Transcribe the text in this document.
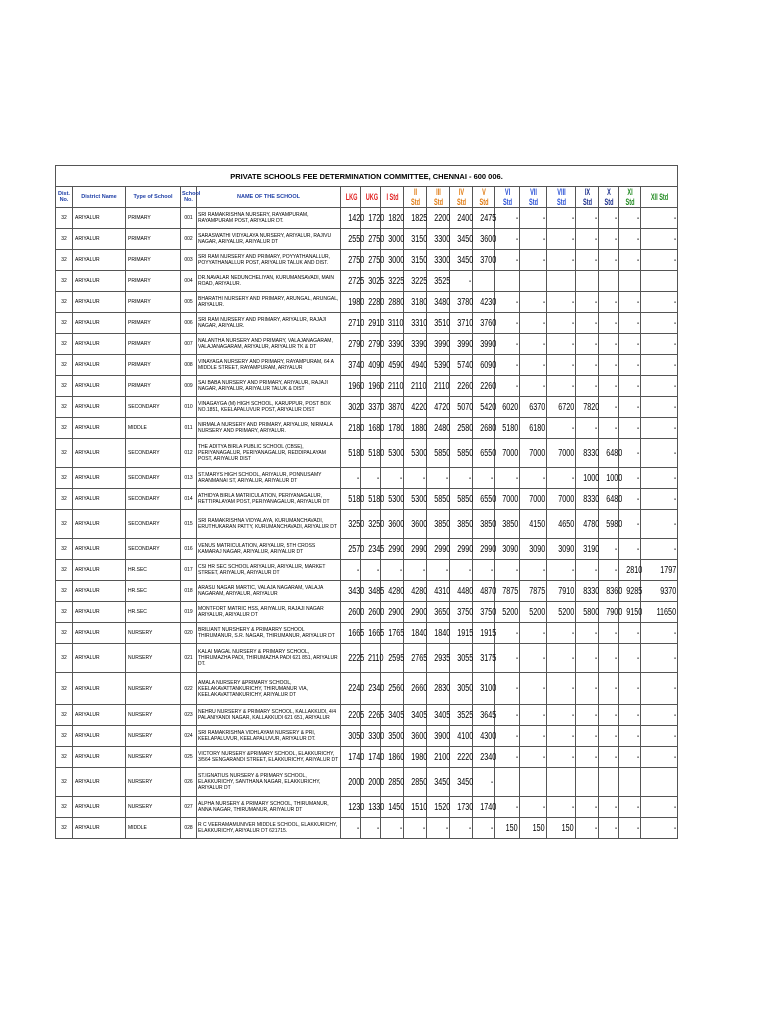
PRIVATE SCHOOLS FEE DETERMINATION COMMITTEE, CHENNAI - 600 006.																		
Dist. No.	District Name	Type of School	School No.	NAME OF THE SCHOOL	LKG	UKG	I Std	II Std	III Std	IV Std	V Std	VI Std	VII Std	VIII Std	IX Std	X Std	XI Std	XII Std
32	ARIYALUR	PRIMARY	001	SRI RAMAKRISHNA NURSERY, RAYAMPURAM, RAYAMPURAM POST, ARIYALUR DT.	1420	1720	1820	1825	2200	2400	2475	-	-	-	-	-	-	-
32	ARIYALUR	PRIMARY	002	SARASWATHI VIDYALAYA NURSERY, ARIYALUR, RAJIVU NAGAR, ARIYALUR, ARIYALUR DT	2550	2750	3000	3150	3300	3450	3600	-	-	-	-	-	-	-
32	ARIYALUR	PRIMARY	003	SRI RAM NURSERY AND PRIMARY, POYYATHANALLUR, POYYATHANALLUR POST, ARIYALUR TALUK AND DIST.	2750	2750	3000	3150	3300	3450	3700	-	-	-	-	-	-	-
32	ARIYALUR	PRIMARY	004	DR.NAVALAR NEDUNCHELIYAN, KURUMANSAVADI, MAIN ROAD, ARIYALUR.	2725	3025	3225	3225	3525	-								
32	ARIYALUR	PRIMARY	005	BHARATHI NURSERY AND PRIMARY, ARUNGAL, ARUNGAL, ARIYALUR.	1980	2280	2880	3180	3480	3780	4230	-	-	-	-	-	-	-
32	ARIYALUR	PRIMARY	006	SRI RAM NURSERY AND PRIMARY, ARIYALUR, RAJAJI NAGAR, ARIYALUR.	2710	2910	3110	3310	3510	3710	3760	-	-	-	-	-	-	-
32	ARIYALUR	PRIMARY	007	NALANTHA NURSERY AND PRIMARY, VALAJANAGARAM, VALAJANAGARAM, ARIYALUR, ARIYALUR TK & DT	2790	2790	3390	3390	3990	3990	3990	-	-	-	-	-	-	-
32	ARIYALUR	PRIMARY	008	VINAYAGA NURSERY AND PRIMARY, RAYAMPURAM, 64 A MIDDLE STREET, RAYAMPURAM, ARIYALUR	3740	4090	4590	4940	5390	5740	6090	-	-	-	-	-	-	-
32	ARIYALUR	PRIMARY	009	SAI BABA NURSERY AND PRIMARY, ARIYALUR, RAJAJI NAGAR, ARIYALUR, ARIYALUR TALUK & DIST	1960	1960	2110	2110	2110	2260	2260	-	-	-	-	-	-	-
32	ARIYALUR	SECONDARY	010	VINAGAYGA (M) HIGH SCHOOL, KARUPPUR, POST BOX NO.1851, KEELAPALUVUR POST, ARIYALUR DIST	3020	3370	3870	4220	4720	5070	5420	6020	6370	6720	7820	-	-	-
32	ARIYALUR	MIDDLE	011	NIRMALA NURSERY AND PRIMARY, ARIYALUR, NIRMALA NURSERY AND PRIMARY, ARIYALUR.	2180	1680	1780	1880	2480	2580	2680	5180	6180	-	-	-	-	-
32	ARIYALUR	SECONDARY	012	THE ADITYA BIRLA PUBLIC SCHOOL (CBSE), PERIYANAGALUR, PERIYANAGALUR, REDDIPALAYAM POST, ARIYALUR DIST	5180	5180	5300	5300	5850	5850	6550	7000	7000	7000	8330	6480	-	-
32	ARIYALUR	SECONDARY	013	ST.MARYS HIGH SCHOOL, ARIYALUR, PONNUSAMY ARANMANAI ST, ARIYALUR, ARIYALUR DT	-	-	-	-	-	-	-	-	-	-	1000	1000	-	-
32	ARIYALUR	SECONDARY	014	ATHIDYA BIRLA MATRICULATION, PERIYANAGALUR, RETTIPALAYAM POST, PERIYANAGALUR, ARIYALUR DT	5180	5180	5300	5300	5850	5850	6550	7000	7000	7000	8330	6480	-	-
32	ARIYALUR	SECONDARY	015	SRI RAMAKRISHNA VIDYALAYA, KURUMANCHAVADI, ERUTHUKARAN PATTY, KURUMANCHAVADI, ARIYALUR DT	3250	3250	3600	3600	3850	3850	3850	3850	4150	4650	4780	5980	-	-
32	ARIYALUR	SECONDARY	016	VENUS MATRICULATION, ARIYALUR, 5TH CROSS KAMARAJ NAGAR, ARIYALUR, ARIYALUR DT	2570	2345	2990	2990	2990	2990	2990	3090	3090	3090	3190	-	-	-
32	ARIYALUR	HR.SEC	017	CSI HR SEC SCHOOL ARIYALUR, ARIYALUR, MARKET STREET, ARIYALUR, ARIYALUR DT	-	-	-	-	-	-	-	-	-	-	-	-	2810	1797
32	ARIYALUR	HR.SEC	018	ARASU NAGAR MARTIC, VALAJA NAGARAM, VALAJA NAGARAM, ARIYALUR, ARIYALUR	3430	3485	4280	4280	4310	4480	4870	7875	7875	7910	8330	8360	9285	9370
32	ARIYALUR	HR.SEC	019	MONTFORT MATRIC HSS, ARIYALUR, RAJAJI NAGAR ARIYALUR, ARIYALUR DT	2600	2600	2900	2900	3650	3750	3750	5200	5200	5200	5800	7900	9150	11650
32	ARIYALUR	NURSERY	020	BRILIANT NURSHERY & PRIMARRY SCHOOL THIRUMANUR, S.R. NAGAR, THIRUMANUR, ARIYALUR DT	1665	1665	1765	1840	1840	1915	1915	-	-	-	-	-	-	-
32	ARIYALUR	NURSERY	021	KALAI MAGAL NURSERY & PRIMARY SCHOOL, THIRUMAZHA PADI, THIRUMAZHA PADI 621 851, ARIYALUR DT.	2225	2110	2595	2765	2935	3055	3175	-	-	-	-	-	-	-
32	ARIYALUR	NURSERY	022	AMALA NURSERY &PRIMARY SCHOOL, KEELAKAVATTANKURICHY, THIRUMANUR VIA, KEELAKAVATTANKURICHY, ARIYALUR DT	2240	2340	2560	2660	2830	3050	3100	-	-	-	-	-	-	-
32	ARIYALUR	NURSERY	023	NEHRU NURSERY & PRIMARY SCHOOL, KALLAKKUDI, 4/4 PALANIYANDI NAGAR, KALLAKKUDI 621 651, ARIYALUR	2205	2265	3405	3405	3405	3525	3645	-	-	-	-	-	-	-
32	ARIYALUR	NURSERY	024	SRI RAMAKRISHNA VIDHLAYAM NURSERY & PRI, KEELAPALUVUR, KEELAPALUVUR, ARIYALUR DT.	3050	3300	3500	3600	3900	4100	4300	-	-	-	-	-	-	-
32	ARIYALUR	NURSERY	025	VICTORY NURSERY &PRIMARY SCHOOL, ELAKKURICHY, 3/564 SENGARANDI STREET, ELAKKURICHY, ARIYALUR DT	1740	1740	1860	1980	2100	2220	2340	-	-	-	-	-	-	-
32	ARIYALUR	NURSERY	026	ST.IGNATIUS NURSERY & PRIMARY SCHOOL, ELAKKURICHY, SANTHANA NAGAR, ELAKKURICHY, ARIYALUR DT	2000	2000	2850	2850	3450	3450	-							
32	ARIYALUR	NURSERY	027	ALPHA NURSERY & PRIMARY SCHOOL, THIRUMANUR, ANNA NAGAR, THIRUMANUR, ARIYALUR DT	1230	1330	1450	1510	1520	1730	1740	-	-	-	-	-	-	-
32	ARIYALUR	MIDDLE	028	R C VEERAMAMUNIVER MIDDLE SCHOOL, ELAKKURICHY, ELAKKURICHY, ARIYALUR DT 621715.	-	-	-	-	-	-	-	150	150	150	-	-	-	-
